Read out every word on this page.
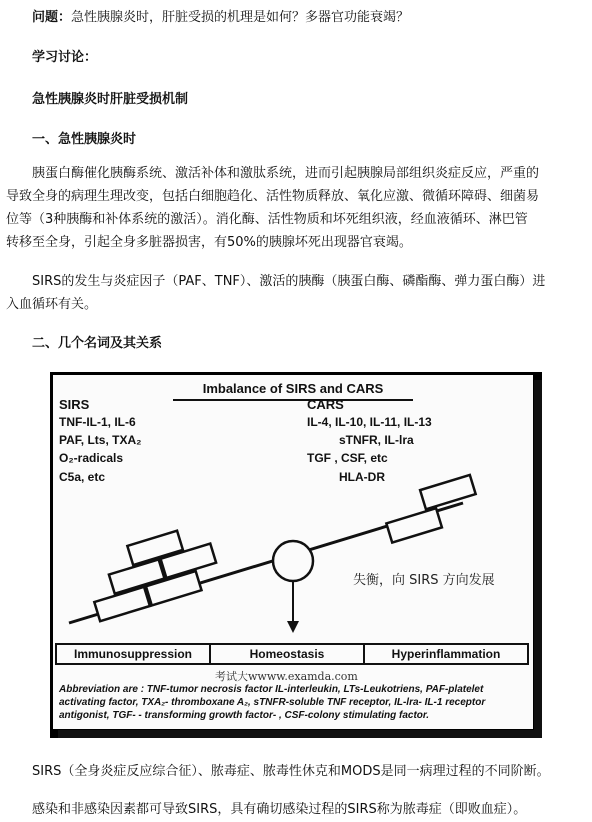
问题：急性胰腺炎时，肝脏受损的机理是如何？多器官功能衰竭？
学习讨论：
急性胰腺炎时肝脏受损机制
一、急性胰腺炎时

　　胰蛋白酶催化胰酶系统、激活补体和激肽系统，进而引起胰腺局部组织炎症反应，严重的

导致全身的病理生理改变，包括白细胞趋化、活性物质释放、氧化应激、微循环障碍、细菌易

位等（3种胰酶和补体系统的激活）。消化酶、活性物质和坏死组织液，经血液循环、淋巴管

转移至全身，引起全身多脏器损害，有50%的胰腺坏死出现器官衰竭。

　　SIRS的发生与炎症因子（PAF、TNF）、激活的胰酶（胰蛋白酶、磷酯酶、弹力蛋白酶）进

入血循环有关。

二、几个名词及其关系
Imbalance of SIRS and CARS
SIRS
TNF-IL-1, IL-6
PAF, Lts, TXA₂
O₂-radicals
C5a, etc
CARS
IL-4, IL-10, IL-11, IL-13
sTNFR, IL-lra
TGF , CSF, etc
HLA-DR
失衡，向 SIRS 方向发展
Immunosuppression	Homeostasis	Hyperinflammation
考试大wwww.examda.com
Abbreviation are : TNF-tumor necrosis factor IL-interleukin, LTs-Leukotriens, PAF-platelet
activating factor, TXA₂- thromboxane A₂, sTNFR-soluble TNF receptor, IL-lra- IL-1 receptor
antigonist, TGF- - transforming growth factor- , CSF-colony stimulating factor.
SIRS（全身炎症反应综合征）、脓毒症、脓毒性休克和MODS是同一病理过程的不同阶断。
感染和非感染因素都可导致SIRS，具有确切感染过程的SIRS称为脓毒症（即败血症）。
